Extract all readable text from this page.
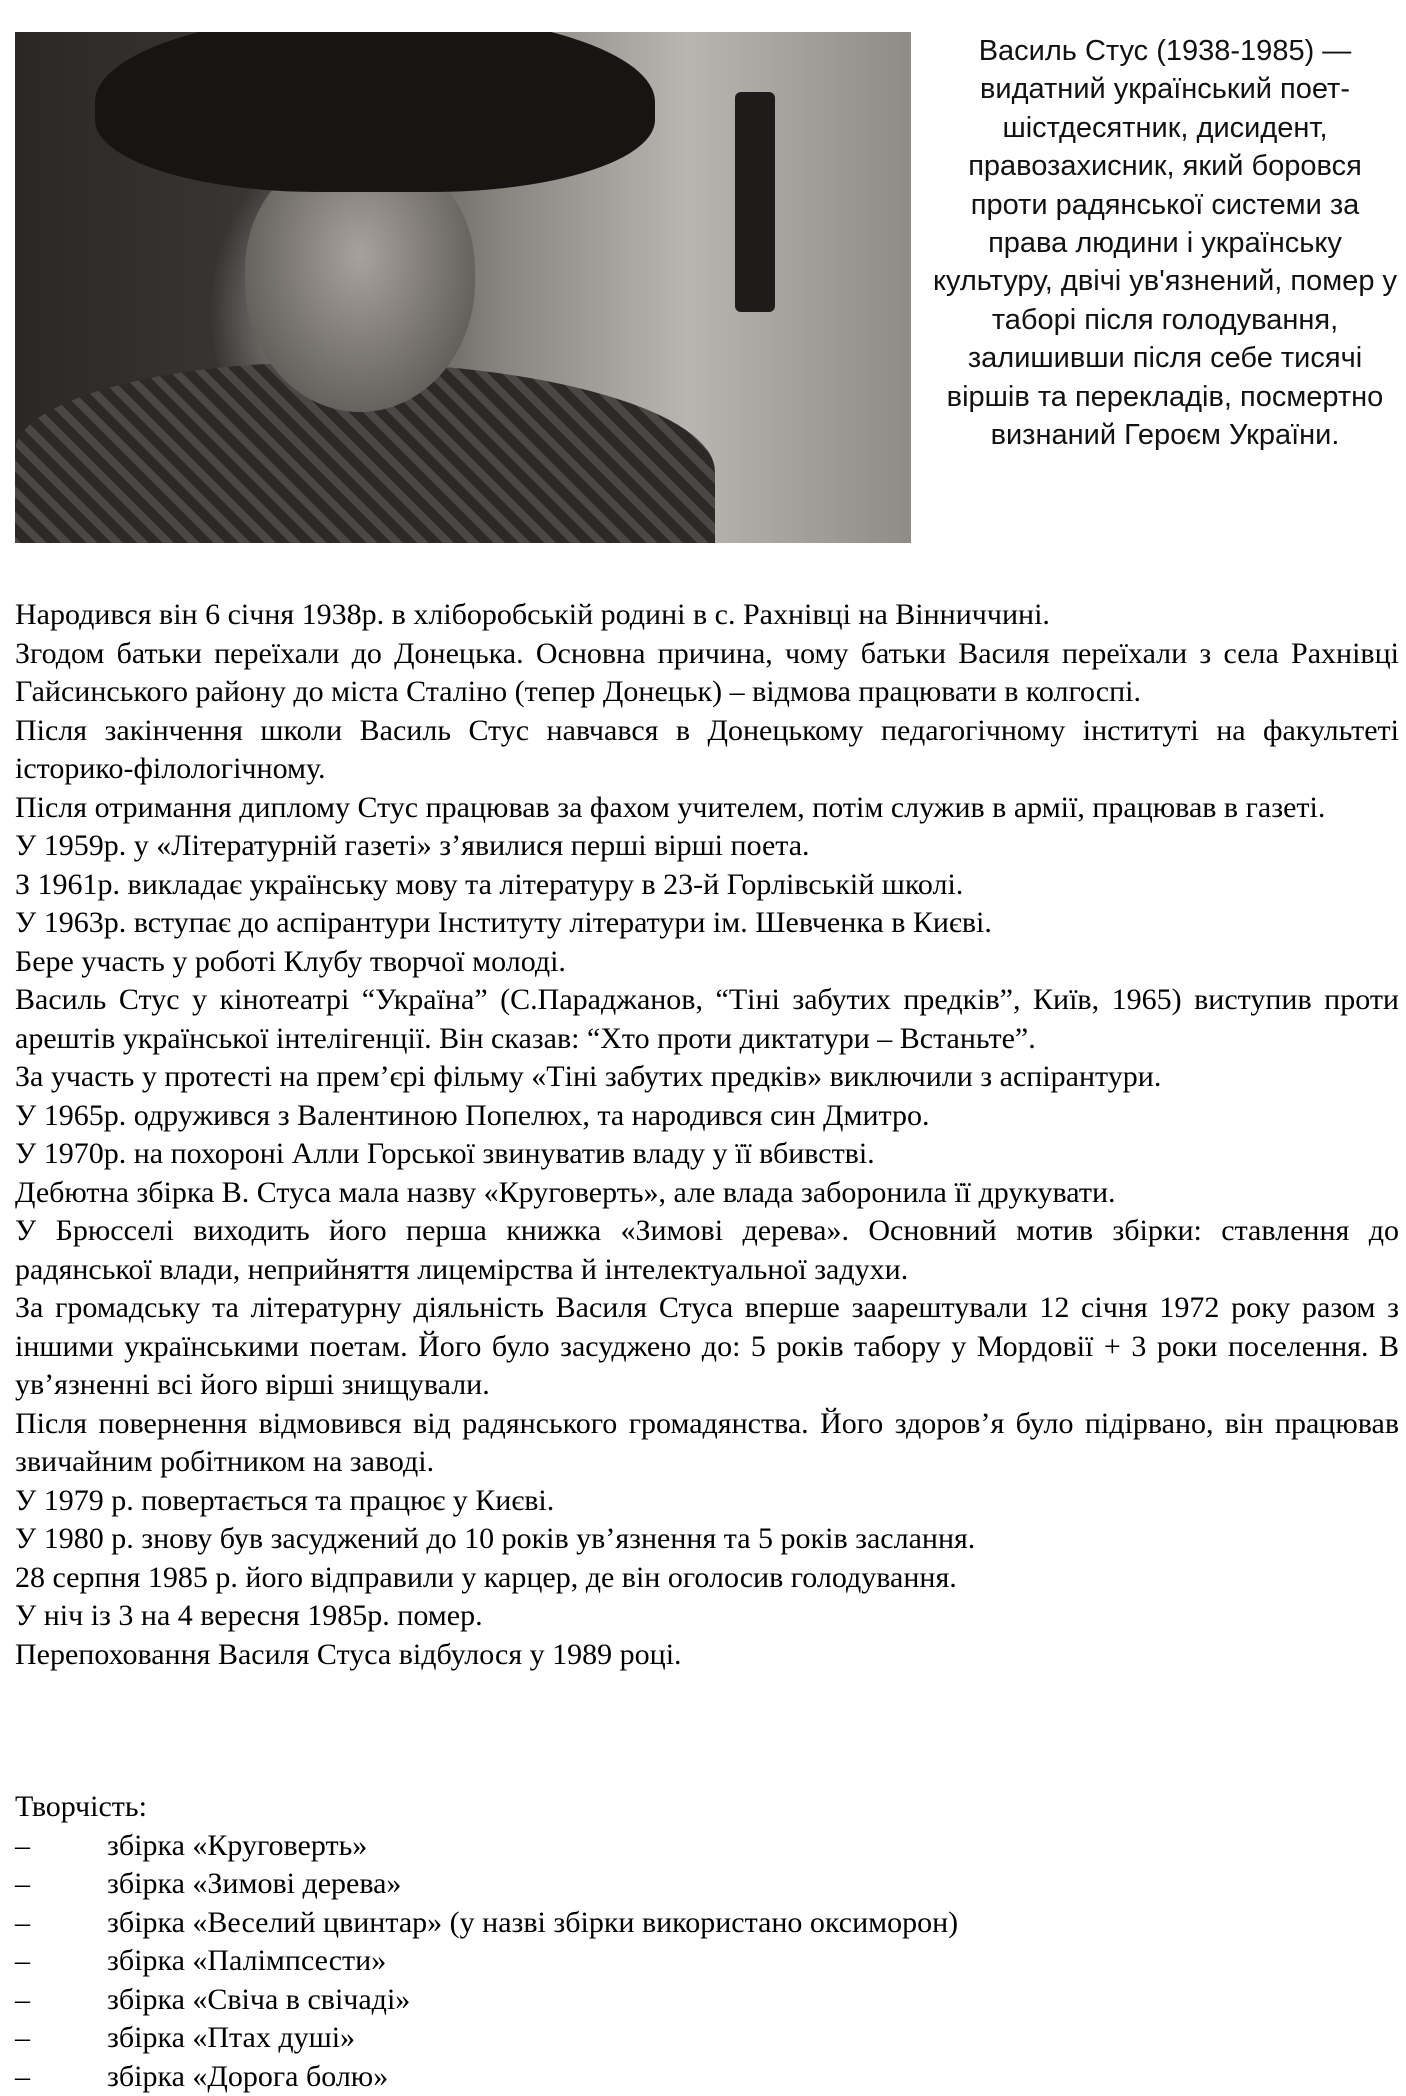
Василь Стус (1938-1985) — видатний український поет-шістдесятник, дисидент, правозахисник, який боровся проти радянської системи за права людини і українську культуру, двічі ув'язнений, помер у таборі після голодування, залишивши після себе тисячі віршів та перекладів, посмертно визнаний Героєм України.

Народився він 6 січня 1938р. в хліборобській родині в с. Рахнівці на Вінниччині.

Згодом батьки переїхали до Донецька. Основна причина, чому батьки Василя переїхали з села Рахнівці Гайсинського району до міста Сталіно (тепер Донецьк) – відмова працювати в колгоспі.

Після закінчення школи Василь Стус навчався в Донецькому педагогічному інституті на факультеті історико-філологічному.

Після отримання диплому Стус працював за фахом учителем, потім служив в армії, працював в газеті.

У 1959р. у «Літературній газеті» з’явилися перші вірші поета.

З 1961р. викладає українську мову та літературу в 23-й Горлівській школі.

У 1963р. вступає до аспірантури Інституту літератури ім. Шевченка в Києві.

Бере участь у роботі Клубу творчої молоді.

Василь Стус у кінотеатрі “Україна” (С.Параджанов, “Тіні забутих предків”, Київ, 1965) виступив проти арештів української інтелігенції. Він сказав: “Хто проти диктатури – Встаньте”.

За участь у протесті на прем’єрі фільму «Тіні забутих предків» виключили з аспірантури.

У 1965р. одружився з Валентиною Попелюх, та народився син Дмитро.

У 1970р. на похороні Алли Горської звинуватив владу у її вбивстві.

Дебютна збірка В. Стуса мала назву «Круговерть», але влада заборонила її друкувати.

У Брюсселі виходить його перша книжка «Зимові дерева». Основний мотив збірки: ставлення до радянської влади, неприйняття лицемірства й інтелектуальної задухи.

За громадську та літературну діяльність Василя Стуса вперше заарештували 12 січня 1972 року разом з іншими українськими поетам. Його було засуджено до: 5 років табору у Мордовії + 3 роки поселення. В ув’язненні всі його вірші знищували.

Після повернення відмовився від радянського громадянства. Його здоров’я було підірвано, він працював звичайним робітником на заводі.

У 1979 р. повертається та працює у Києві.

У 1980 р. знову був засуджений до 10 років ув’язнення та 5 років заслання.

28 серпня 1985 р. його відправили у карцер, де він оголосив голодування.

У ніч із 3 на 4 вересня 1985р. помер.

Перепоховання Василя Стуса відбулося у 1989 році.

Творчість:
–	збірка «Круговерть»
–	збірка «Зимові дерева»
–	збірка «Веселий цвинтар» (у назві збірки використано оксиморон)
–	збірка «Палімпсести»
–	збірка «Свіча в свічаді»
–	збірка «Птах душі»
–	збірка «Дорога болю»
